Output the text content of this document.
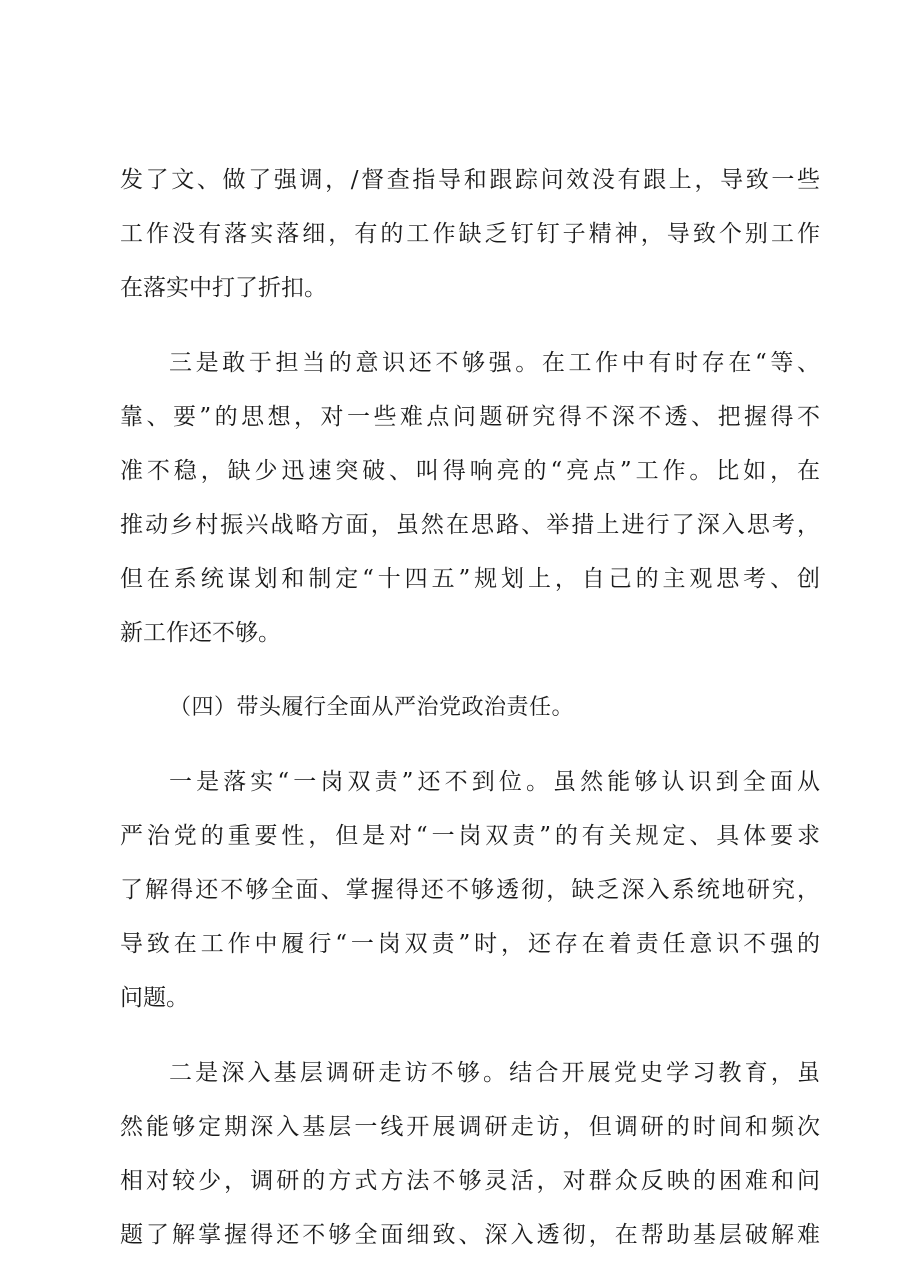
发了文、做了强调，/督查指导和跟踪问效没有跟上，导致一些
工作没有落实落细，有的工作缺乏钉钉子精神，导致个别工作
在落实中打了折扣。
三是敢于担当的意识还不够强。在工作中有时存在“等、
靠、要”的思想，对一些难点问题研究得不深不透、把握得不
准不稳，缺少迅速突破、叫得响亮的“亮点”工作。比如，在
推动乡村振兴战略方面，虽然在思路、举措上进行了深入思考，
但在系统谋划和制定“十四五”规划上，自己的主观思考、创
新工作还不够。
（四）带头履行全面从严治党政治责任。
一是落实“一岗双责”还不到位。虽然能够认识到全面从
严治党的重要性，但是对“一岗双责”的有关规定、具体要求
了解得还不够全面、掌握得还不够透彻，缺乏深入系统地研究，
导致在工作中履行“一岗双责”时，还存在着责任意识不强的
问题。
二是深入基层调研走访不够。结合开展党史学习教育，虽
然能够定期深入基层一线开展调研走访，但调研的时间和频次
相对较少，调研的方式方法不够灵活，对群众反映的困难和问
题了解掌握得还不够全面细致、深入透彻，在帮助基层破解难
